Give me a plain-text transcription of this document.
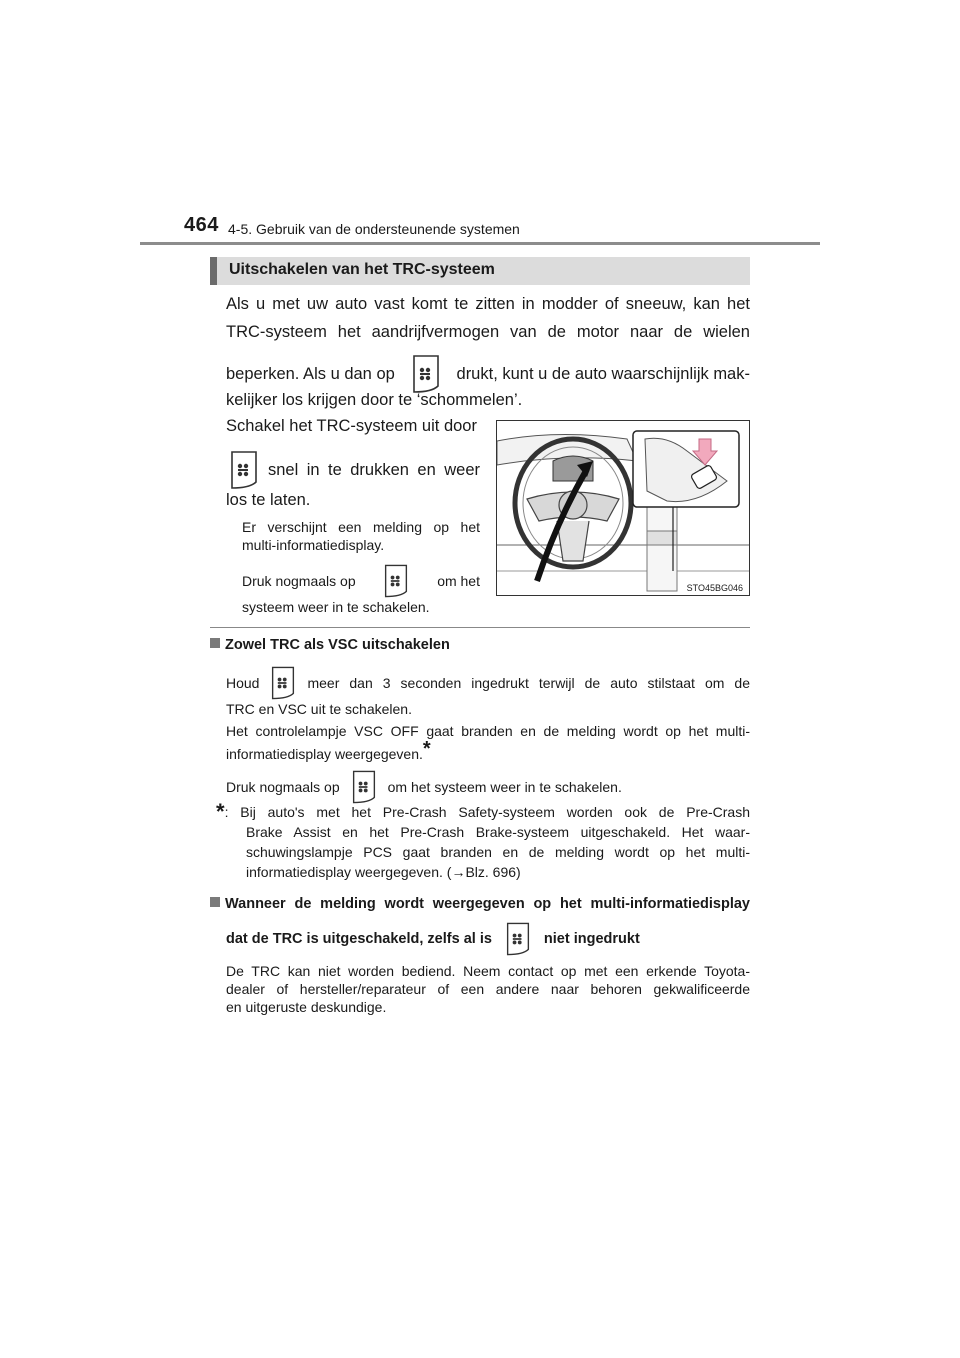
464 4-5. Gebruik van de ondersteunende systemen
Uitschakelen van het TRC-systeem
Als u met uw auto vast komt te zitten in modder of sneeuw, kan het
TRC-systeem het aandrijfvermogen van de motor naar de wielen
beperken. Als u dan op	drukt, kunt u de auto waarschijnlijk mak-
kelijker los krijgen door te ‘schommelen’.
Schakel het TRC-systeem uit door
snel in te drukken en weer
los te laten.
Er verschijnt een melding op het
multi-informatiedisplay.
Druk nogmaals op	om het
systeem weer in te schakelen.
STO45BG046
Zowel TRC als VSC uitschakelen
Houd	meer dan 3 seconden ingedrukt terwijl de auto stilstaat om de
TRC en VSC uit te schakelen.
Het controlelampje VSC OFF gaat branden en de melding wordt op het multi-
informatiedisplay weergegeven.*
Druk nogmaals op	om het systeem weer in te schakelen.
* : Bij auto's met het Pre-Crash Safety-systeem worden ook de Pre-Crash
Brake Assist en het Pre-Crash Brake-systeem uitgeschakeld. Het waar-
schuwingslampje PCS gaat branden en de melding wordt op het multi-
informatiedisplay weergegeven. (→Blz. 696)
Wanneer de melding wordt weergegeven op het multi-informatiedisplay
dat de TRC is uitgeschakeld, zelfs al is	niet ingedrukt
De TRC kan niet worden bediend. Neem contact op met een erkende Toyota-
dealer of hersteller/reparateur of een andere naar behoren gekwalificeerde
en uitgeruste deskundige.
